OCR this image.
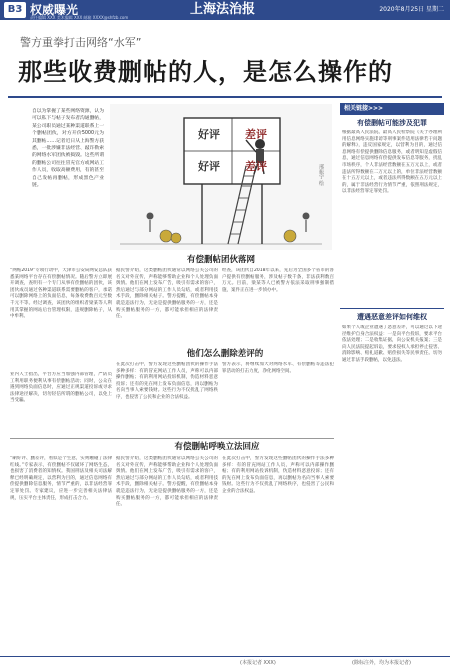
B3 权威曝光
责任编辑 XXX 美术编辑 XXX 邮箱 XXXX@shfzb.com
上海法治报	2020年8月25日 星期二
警方重拳打击网络“水军”
那些收费删帖的人，是怎么操作的
自以为掌握了某些网络资源，认为可以私下与帖子发布者沟通删帖，某公司职员通过某种渠道联系上一个删帖团伙，对方开价5000元为其删帖……记者近日从上海警方获悉，一批涉嫌非法经营、敲诈勒索的网络水军团伙被捣毁。这些所谓的删帖公司往往冒充官方或网站工作人员，收取高额费用，有的甚至自己发帖再删帖，形成黑色产业链。
好评	差评
好评	差评	邢振宇 绘
有偿删帖团伙落网
“网帖2019”专项行动中，天津市公安局网安总队获悉某网络平台存在有偿删帖情况。随后警方立即展开调查，查明有一个专门从事有偿删帖的团伙，该团伙成员通过各种渠道联系需要删帖的客户，承诺可以删除网络上的负面信息，每条收费数百元至数千元不等。经过调查，该团伙的组织者梁某等人利用其掌握的网站后台管理权限，违规删除帖子，从中牟利。
据民警介绍，这类删帖团伙通常以网络公关公司的名义对外宣传，声称能够帮助企业和个人处理负面舆情。他们在网上发布广告，吸引有需求的客户，然后通过与部分网站的工作人员勾结，或者利用技术手段，删除相关帖子。警方提醒，有偿删帖本身就是违法行为，无论是提供删帖服务的一方，还是购买删帖服务的一方，都可能承担相应的法律责任。
经查，该团伙自2018年以来，先后为全国多个省市的客户提供有偿删帖服务，涉及帖子数千条，非法获利数百万元。目前，梁某等人已被警方依法采取刑事强制措施，案件正在进一步侦办中。
他们怎么删除差评的
在此次打击中，警方发现这些删帖团伙的操作手法多种多样：有的冒充网站工作人员，声称可以内部操作删帖；有的利用网站投诉机制，伪造材料恶意投诉；还有的先在网上发布负面信息，再以删帖为名向当事人索要钱财。这些行为不仅扰乱了网络秩序，也侵害了公民和企业的合法权益。
警方表示，将继续加大对网络水军、有偿删帖等违法犯罪活动的打击力度，净化网络空间。
业内人士指出，平台方应当加强内部管理，严防员工利用职务便利从事有偿删帖活动；同时，公众在遇到网络负面信息时，应通过正规渠道投诉或寻求法律途径解决，切勿轻信所谓的删帖公司，以免上当受骗。
有偿删帖呼唤立法回应
“刷好评、删差评，看似是个生意，实则触碰了法律红线。”专家表示，有偿删帖不仅破坏了网络生态，也损害了消费者的知情权。我国刑法及相关司法解释已经明确规定，以营利为目的，通过信息网络有偿提供删除信息服务，情节严重的，以非法经营罪定罪处罚。专家建议，应进一步完善相关法律法规，压实平台主体责任，形成打击合力。
据民警介绍，这类删帖团伙通常以网络公关公司的名义对外宣传，声称能够帮助企业和个人处理负面舆情。他们在网上发布广告，吸引有需求的客户，然后通过与部分网站的工作人员勾结，或者利用技术手段，删除相关帖子。警方提醒，有偿删帖本身就是违法行为，无论是提供删帖服务的一方，还是购买删帖服务的一方，都可能承担相应的法律责任。
在此次打击中，警方发现这些删帖团伙的操作手法多种多样：有的冒充网站工作人员，声称可以内部操作删帖；有的利用网站投诉机制，伪造材料恶意投诉；还有的先在网上发布负面信息，再以删帖为名向当事人索要钱财。这些行为不仅扰乱了网络秩序，也侵害了公民和企业的合法权益。
相关链接>>>
有偿删帖可能涉及犯罪
根据最高人民法院、最高人民检察院《关于办理利用信息网络实施诽谤等刑事案件适用法律若干问题的解释》，违反国家规定，以营利为目的，通过信息网络有偿提供删除信息服务，或者明知是虚假信息，通过信息网络有偿提供发布信息等服务，扰乱市场秩序，个人非法经营数额在五万元以上，或者违法所得数额在二万元以上的，单位非法经营数额在十五万元以上，或者违法所得数额在五万元以上的，属于非法经营行为情节严重，依照刑法规定，以非法经营罪定罪处罚。
遭遇恶意差评如何维权
如果个人或企业遭遇了恶意差评，可以通过以下途径维护自身合法权益：一是向平台投诉，要求平台依法处理；二是收集证据，向公安机关报案；三是向人民法院提起诉讼，要求侵权人承担停止侵害、消除影响、赔礼道歉、赔偿损失等民事责任。切勿通过非法手段删帖，以免违法。
(本报记者 XXX)	(除标注外，均为本报记者)
